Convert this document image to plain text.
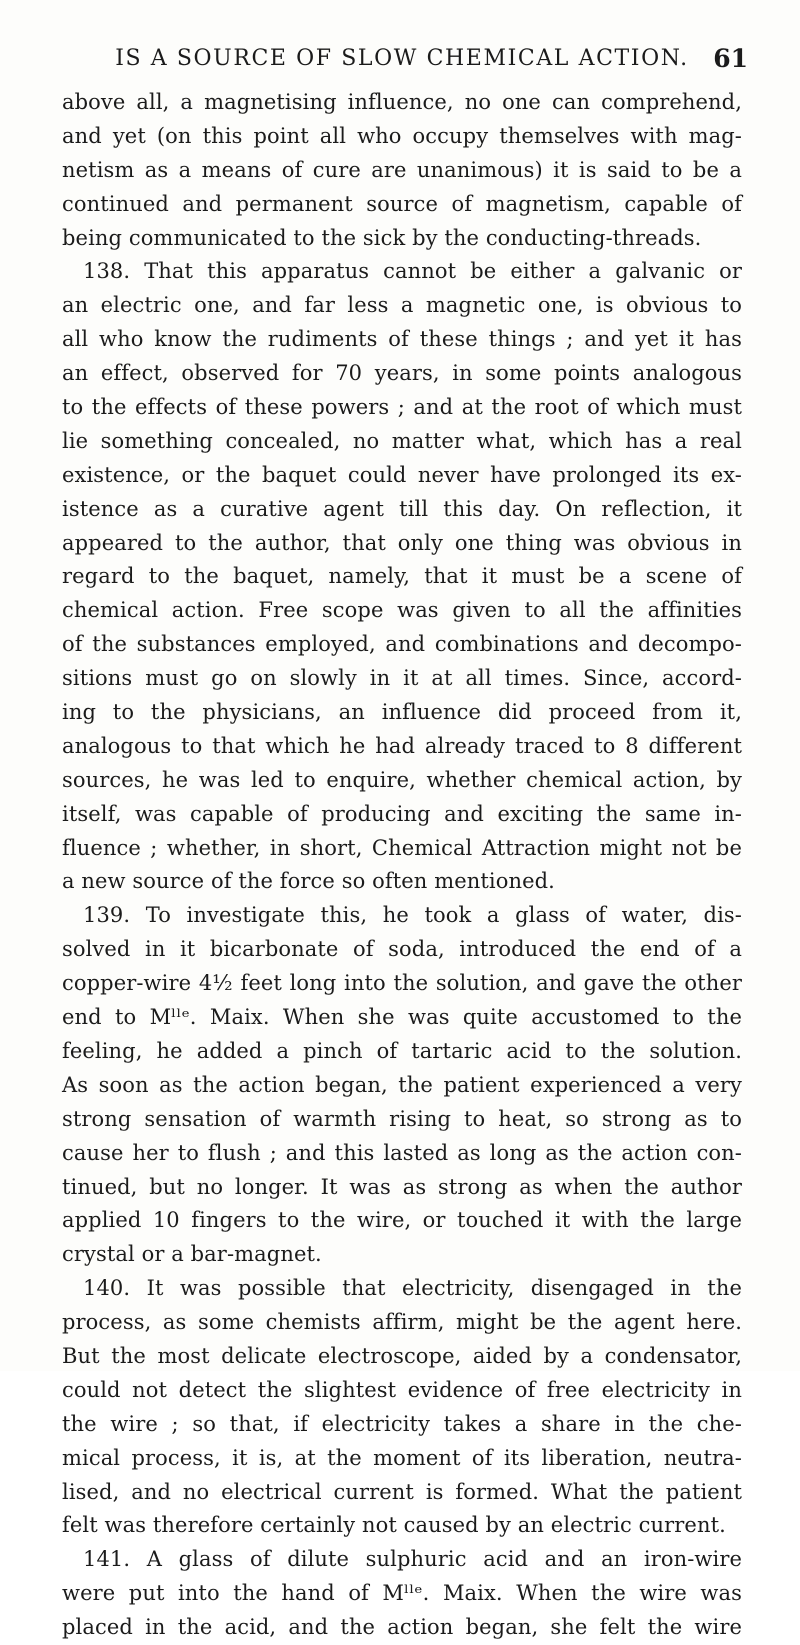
IS A SOURCE OF SLOW CHEMICAL ACTION. 61
above all, a magnetising influence, no one can comprehend,
and yet (on this point all who occupy themselves with mag-
netism as a means of cure are unanimous) it is said to be a
continued and permanent source of magnetism, capable of
being communicated to the sick by the conducting-threads.
138. That this apparatus cannot be either a galvanic or
an electric one, and far less a magnetic one, is obvious to
all who know the rudiments of these things ; and yet it has
an effect, observed for 70 years, in some points analogous
to the effects of these powers ; and at the root of which must
lie something concealed, no matter what, which has a real
existence, or the baquet could never have prolonged its ex-
istence as a curative agent till this day. On reflection, it
appeared to the author, that only one thing was obvious in
regard to the baquet, namely, that it must be a scene of
chemical action. Free scope was given to all the affinities
of the substances employed, and combinations and decompo-
sitions must go on slowly in it at all times. Since, accord-
ing to the physicians, an influence did proceed from it,
analogous to that which he had already traced to 8 different
sources, he was led to enquire, whether chemical action, by
itself, was capable of producing and exciting the same in-
fluence ; whether, in short, Chemical Attraction might not be
a new source of the force so often mentioned.
139. To investigate this, he took a glass of water, dis-
solved in it bicarbonate of soda, introduced the end of a
copper-wire 4½ feet long into the solution, and gave the other
end to Mˡˡᵉ. Maix. When she was quite accustomed to the
feeling, he added a pinch of tartaric acid to the solution.
As soon as the action began, the patient experienced a very
strong sensation of warmth rising to heat, so strong as to
cause her to flush ; and this lasted as long as the action con-
tinued, but no longer. It was as strong as when the author
applied 10 fingers to the wire, or touched it with the large
crystal or a bar-magnet.
140. It was possible that electricity, disengaged in the
process, as some chemists affirm, might be the agent here.
But the most delicate electroscope, aided by a condensator,
could not detect the slightest evidence of free electricity in
the wire ; so that, if electricity takes a share in the che-
mical process, it is, at the moment of its liberation, neutra-
lised, and no electrical current is formed. What the patient
felt was therefore certainly not caused by an electric current.
141. A glass of dilute sulphuric acid and an iron-wire
were put into the hand of Mˡˡᵉ. Maix. When the wire was
placed in the acid, and the action began, she felt the wire
